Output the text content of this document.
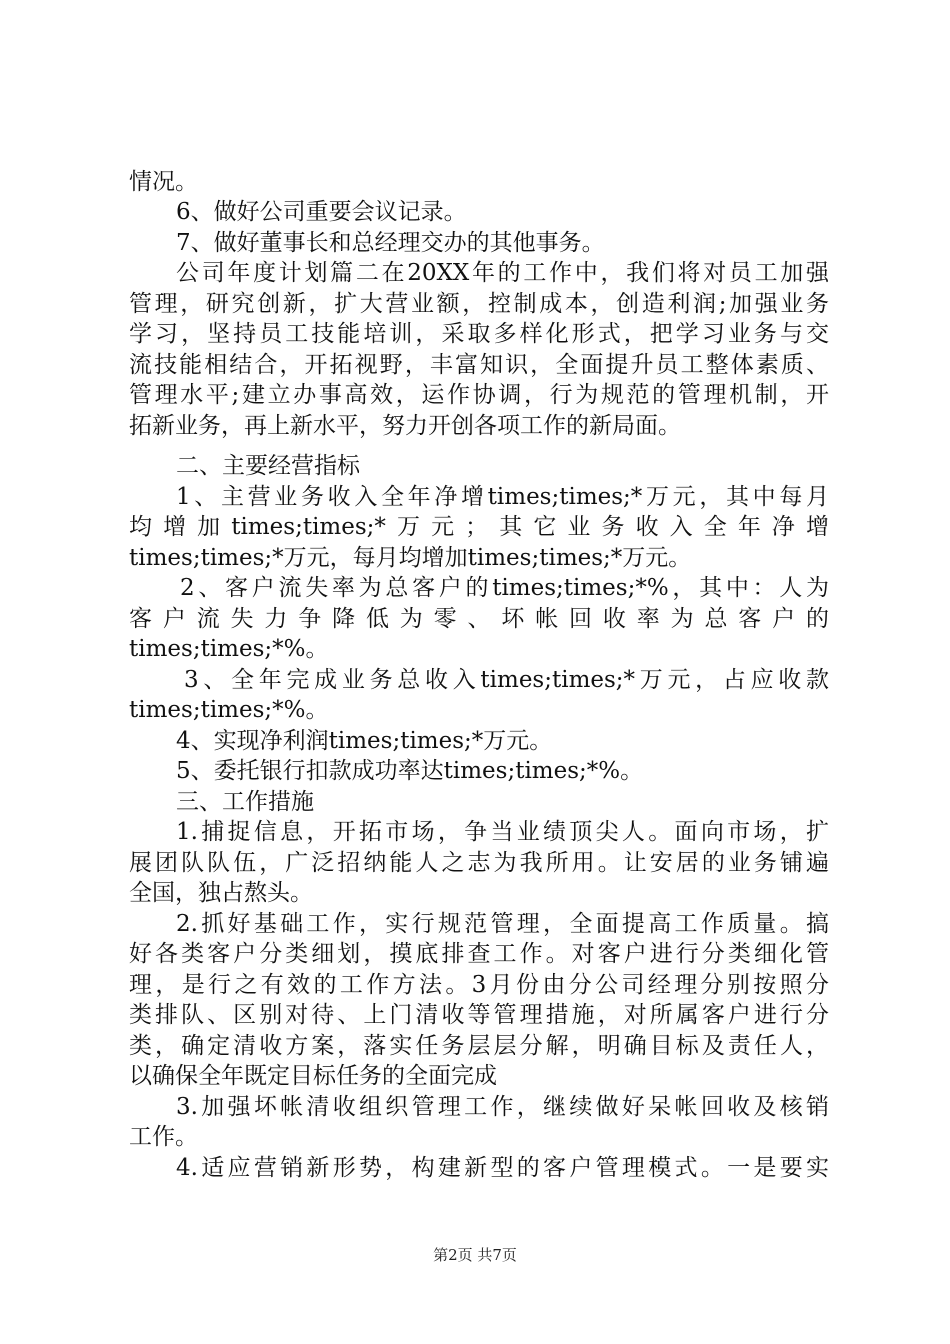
情况。
6、做好公司重要会议记录。
7、做好董事长和总经理交办的其他事务。
公司年度计划篇二在20XX年的工作中，我们将对员工加强
管理，研究创新，扩大营业额，控制成本，创造利润;加强业务
学习，坚持员工技能培训，采取多样化形式，把学习业务与交
流技能相结合，开拓视野，丰富知识，全面提升员工整体素质、
管理水平;建立办事高效，运作协调，行为规范的管理机制，开
拓新业务，再上新水平，努力开创各项工作的新局面。
二、主要经营指标
1、主营业务收入全年净增times;times;*万元，其中每月
均增加times;times;*万元；其它业务收入全年净增
times;times;*万元，每月均增加times;times;*万元。
2、客户流失率为总客户的times;times;*%，其中：人为
客户流失力争降低为零、坏帐回收率为总客户的
times;times;*%。
3、全年完成业务总收入times;times;*万元，占应收款
times;times;*%。
4、实现净利润times;times;*万元。
5、委托银行扣款成功率达times;times;*%。
三、工作措施
1.捕捉信息，开拓市场，争当业绩顶尖人。面向市场，扩
展团队队伍，广泛招纳能人之志为我所用。让安居的业务铺遍
全国，独占熬头。
2.抓好基础工作，实行规范管理，全面提高工作质量。搞
好各类客户分类细划，摸底排查工作。对客户进行分类细化管
理，是行之有效的工作方法。3月份由分公司经理分别按照分
类排队、区别对待、上门清收等管理措施，对所属客户进行分
类，确定清收方案，落实任务层层分解，明确目标及责任人，
以确保全年既定目标任务的全面完成
3.加强坏帐清收组织管理工作，继续做好呆帐回收及核销
工作。
4.适应营销新形势，构建新型的客户管理模式。一是要实
第2页 共7页
